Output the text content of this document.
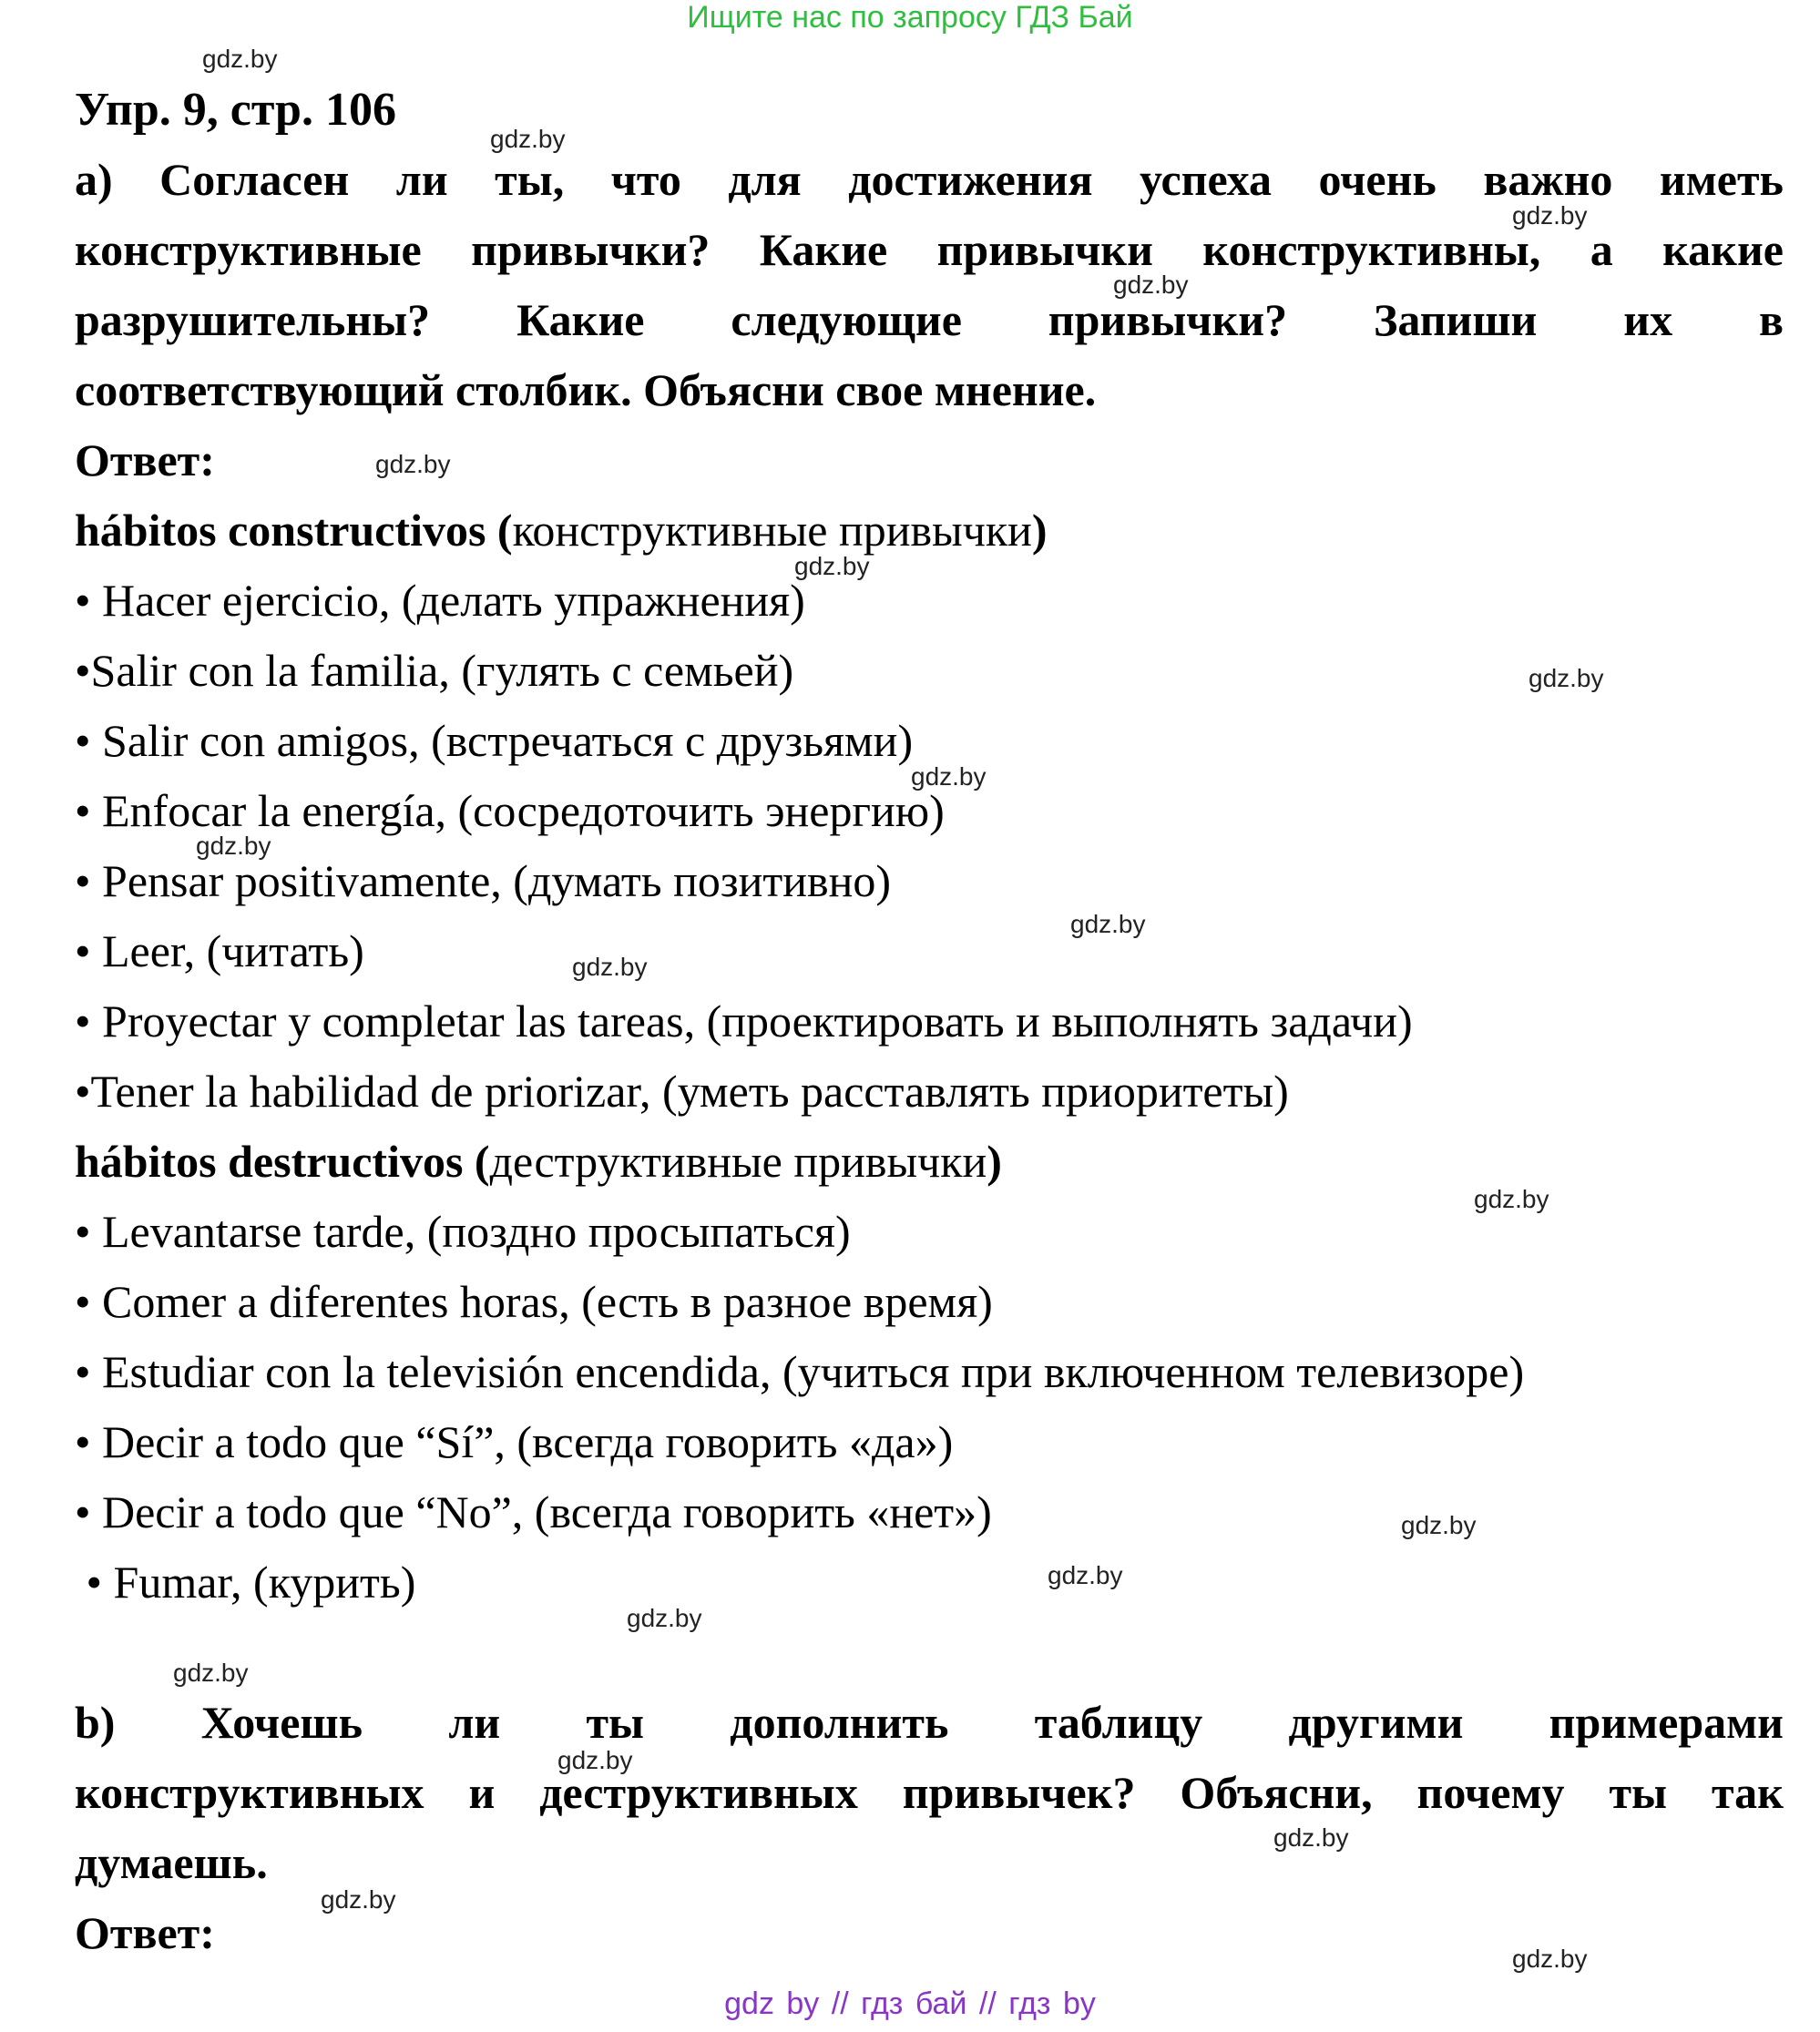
Ищите нас по запросу ГДЗ Бай
Упр. 9, стр. 106
а) Согласен ли ты, что для достижения успеха очень важно иметь
конструктивные привычки? Какие привычки конструктивны, а какие
разрушительны? Какие следующие привычки? Запиши их в
соответствующий столбик. Объясни свое мнение.
Ответ:
hábitos constructivos (конструктивные привычки)
• Hacer ejercicio, (делать упражнения)
•Salir con la familia, (гулять с семьей)
• Salir con amigos, (встречаться с друзьями)
• Enfocar la energía, (сосредоточить энергию)
• Pensar positivamente, (думать позитивно)
• Leer, (читать)
• Proyectar y completar las tareas, (проектировать и выполнять задачи)
•Tener la habilidad de priorizar, (уметь расставлять приоритеты)
hábitos destructivos (деструктивные привычки)
• Levantarse tarde, (поздно просыпаться)
• Comer a diferentes horas, (есть в разное время)
• Estudiar con la televisión encendida, (учиться при включенном телевизоре)
• Decir a todo que “Sí”, (всегда говорить «да»)
• Decir a todo que “No”, (всегда говорить «нет»)
• Fumar, (курить)
b) Хочешь ли ты дополнить таблицу другими примерами
конструктивных и деструктивных привычек? Объясни, почему ты так
думаешь.
Ответ:
gdz.by
gdz.by
gdz.by
gdz.by
gdz.by
gdz.by
gdz.by
gdz.by
gdz.by
gdz.by
gdz.by
gdz.by
gdz.by
gdz.by
gdz.by
gdz.by
gdz.by
gdz.by
gdz.by
gdz.by
gdz by // гдз бай // гдз by
